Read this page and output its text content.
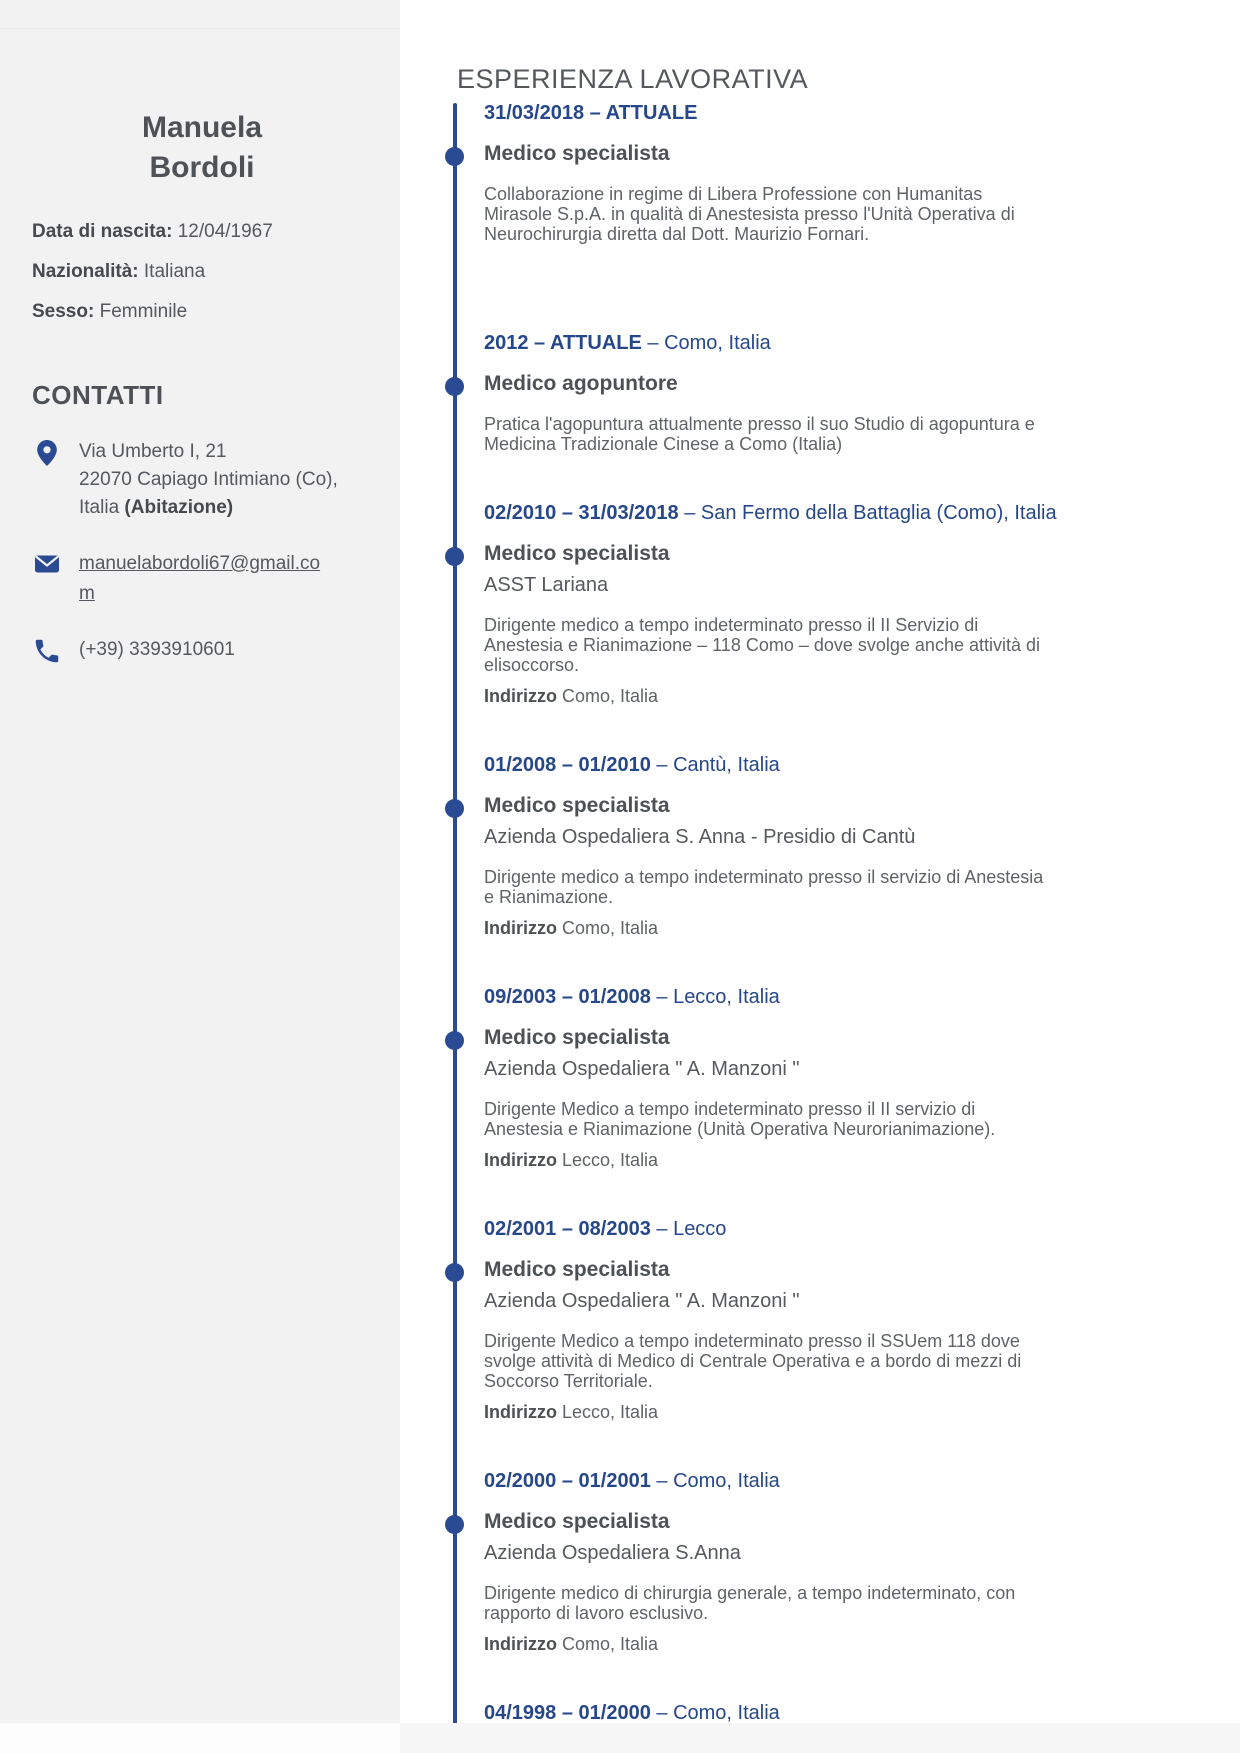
Manuela Bordoli
Data di nascita: 12/04/1967
Nazionalità: Italiana
Sesso: Femminile
CONTATTI
Via Umberto I, 21
22070 Capiago Intimiano (Co),
Italia (Abitazione)
manuelabordoli67@gmail.com
(+39) 3393910601
ESPERIENZA LAVORATIVA
31/03/2018 – ATTUALE
Medico specialista
Collaborazione in regime di Libera Professione con Humanitas Mirasole S.p.A. in qualità di Anestesista presso l'Unità Operativa di Neurochirurgia diretta dal Dott. Maurizio Fornari.
2012 – ATTUALE – Como, Italia
Medico agopuntore
Pratica l'agopuntura attualmente presso il suo Studio di agopuntura e Medicina Tradizionale Cinese a Como (Italia)
02/2010 – 31/03/2018 – San Fermo della Battaglia (Como), Italia
Medico specialista
ASST Lariana
Dirigente medico a tempo indeterminato presso il II Servizio di Anestesia e Rianimazione – 118 Como – dove svolge anche attività di elisoccorso.
Indirizzo Como, Italia
01/2008 – 01/2010 – Cantù, Italia
Medico specialista
Azienda Ospedaliera S. Anna - Presidio di Cantù
Dirigente medico a tempo indeterminato presso il servizio di Anestesia e Rianimazione.
Indirizzo Como, Italia
09/2003 – 01/2008 – Lecco, Italia
Medico specialista
Azienda Ospedaliera " A. Manzoni "
Dirigente Medico a tempo indeterminato presso il II servizio di Anestesia e Rianimazione (Unità Operativa Neurorianimazione).
Indirizzo Lecco, Italia
02/2001 – 08/2003 – Lecco
Medico specialista
Azienda Ospedaliera " A. Manzoni "
Dirigente Medico a tempo indeterminato presso il SSUem 118 dove svolge attività di Medico di Centrale Operativa e a bordo di mezzi di Soccorso Territoriale.
Indirizzo Lecco, Italia
02/2000 – 01/2001 – Como, Italia
Medico specialista
Azienda Ospedaliera S.Anna
Dirigente medico di chirurgia generale, a tempo indeterminato, con rapporto di lavoro esclusivo.
Indirizzo Como, Italia
04/1998 – 01/2000 – Como, Italia
